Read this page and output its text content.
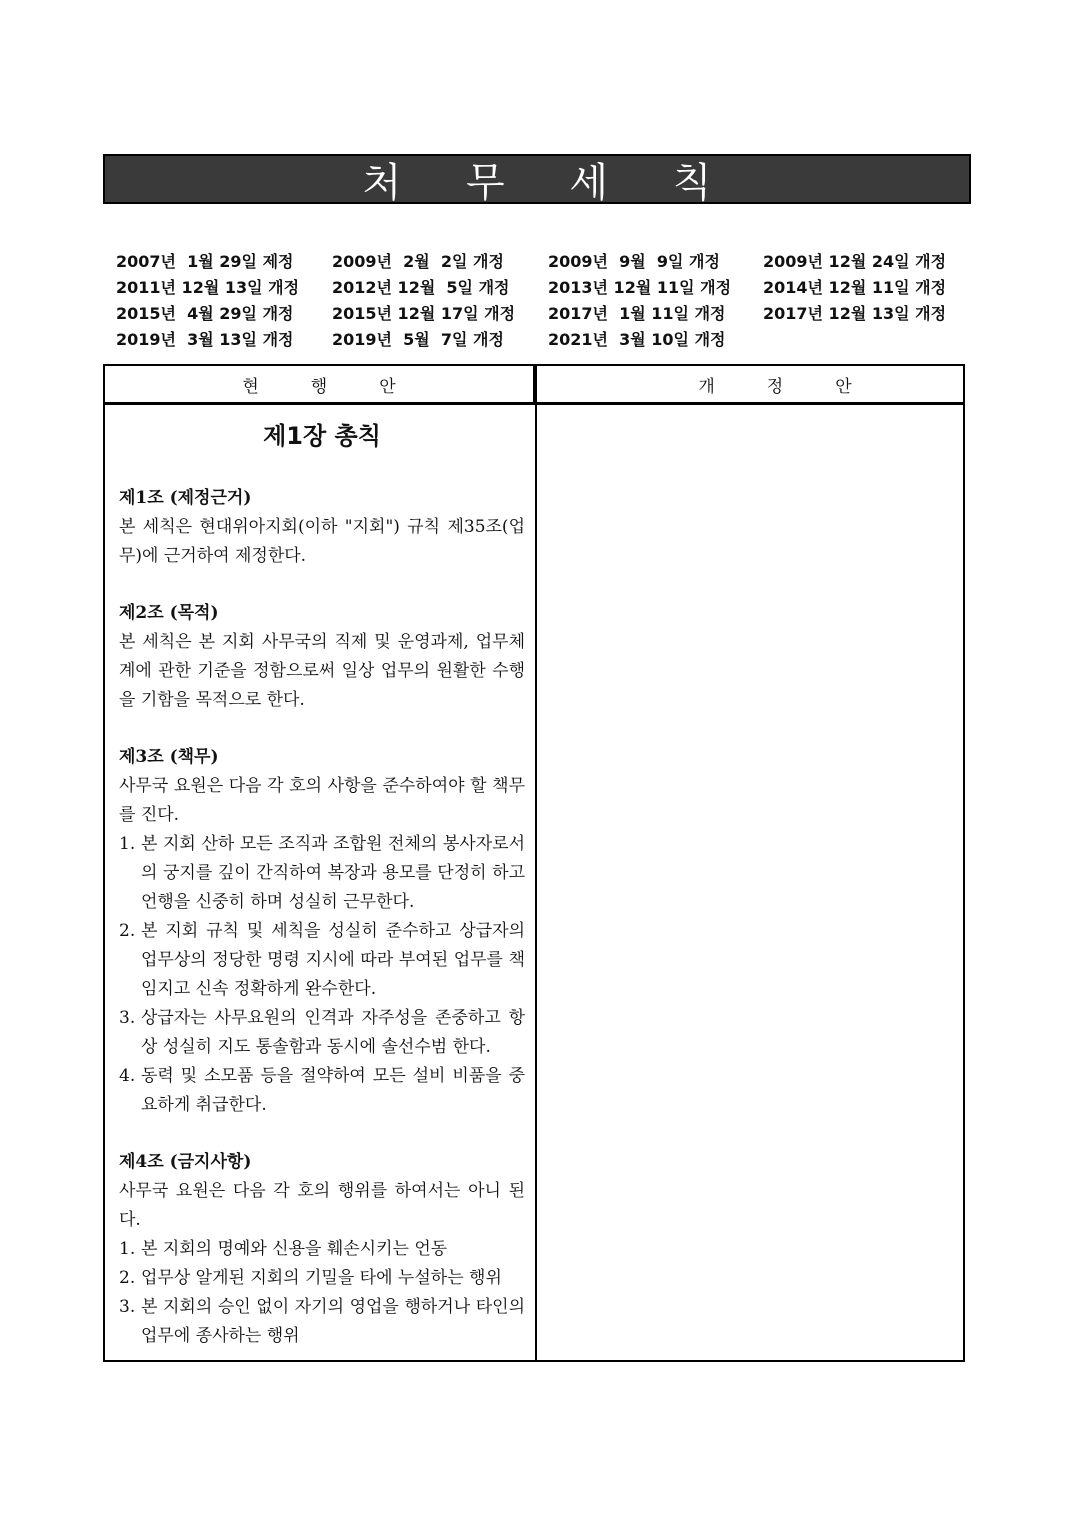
처 무 세 칙
2007년  1월 29일 제정	2009년  2월  2일 개정	2009년  9월  9일 개정	2009년 12월 24일 개정
2011년 12월 13일 개정	2012년 12월  5일 개정	2013년 12월 11일 개정	2014년 12월 11일 개정
2015년  4월 29일 개정	2015년 12월 17일 개정	2017년  1월 11일 개정	2017년 12월 13일 개정
2019년  3월 13일 개정	2019년  5월  7일 개정	2021년  3월 10일 개정
현행안	개정안
제1장 총칙
제1조 (제정근거)
본 세칙은 현대위아지회(이하 "지회") 규칙 제35조(업무)에 근거하여 제정한다.
제2조 (목적)
본 세칙은 본 지회 사무국의 직제 및 운영과제, 업무체계에 관한 기준을 정함으로써 일상 업무의 원활한 수행을 기함을 목적으로 한다.
제3조 (책무)
사무국 요원은 다음 각 호의 사항을 준수하여야 할 책무를 진다.
1. 본 지회 산하 모든 조직과 조합원 전체의 봉사자로서의 궁지를 깊이 간직하여 복장과 용모를 단정히 하고 언행을 신중히 하며 성실히 근무한다.
2. 본 지회 규칙 및 세칙을 성실히 준수하고 상급자의 업무상의 정당한 명령 지시에 따라 부여된 업무를 책임지고 신속 정확하게 완수한다.
3. 상급자는 사무요원의 인격과 자주성을 존중하고 항상 성실히 지도 통솔함과 동시에 솔선수범 한다.
4. 동력 및 소모품 등을 절약하여 모든 설비 비품을 중요하게 취급한다.
제4조 (금지사항)
사무국 요원은 다음 각 호의 행위를 하여서는 아니 된다.
1. 본 지회의 명예와 신용을 훼손시키는 언동
2. 업무상 알게된 지회의 기밀을 타에 누설하는 행위
3. 본 지회의 승인 없이 자기의 영업을 행하거나 타인의 업무에 종사하는 행위
